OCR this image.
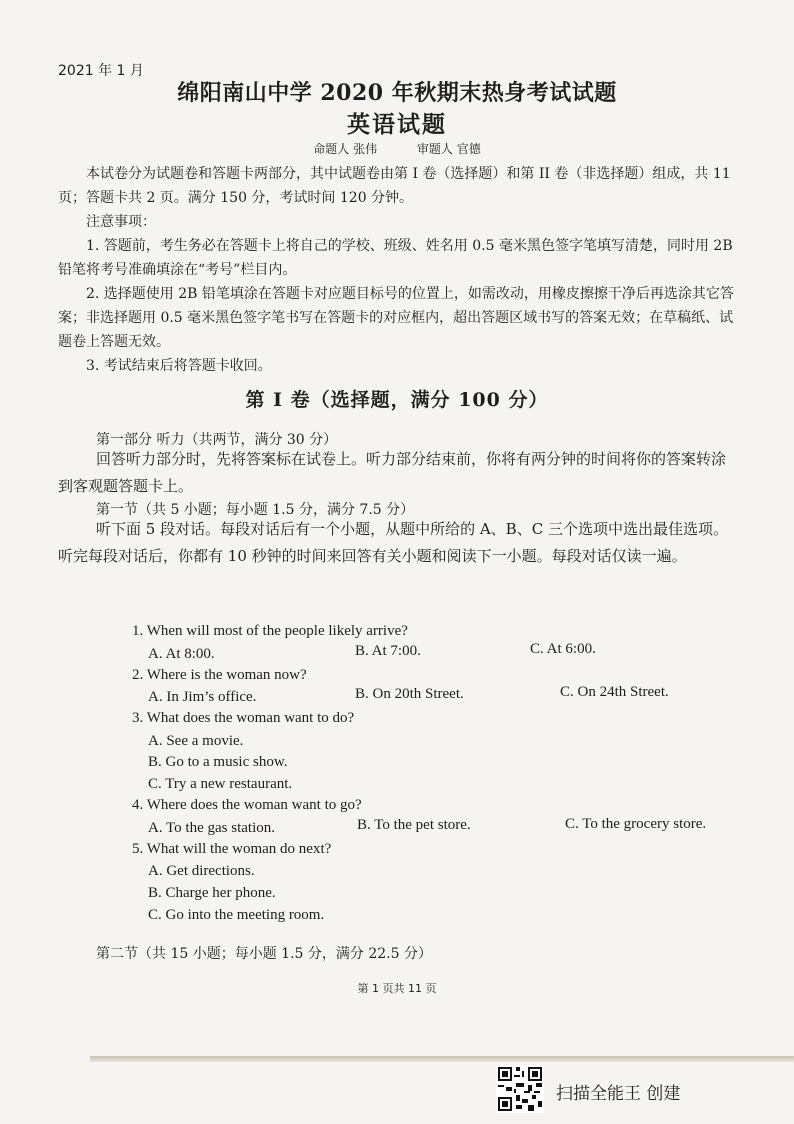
2021 年 1 月
绵阳南山中学 2020 年秋期末热身考试试题
英语试题
命题人 张伟	审题人 官德
本试卷分为试题卷和答题卡两部分，其中试题卷由第 I 卷（选择题）和第 II 卷（非选择题）组成，共 11 页；答题卡共 2 页。满分 150 分，考试时间 120 分钟。
注意事项：
1. 答题前，考生务必在答题卡上将自己的学校、班级、姓名用 0.5 毫米黑色签字笔填写清楚，同时用 2B 铅笔将考号准确填涂在“考号”栏目内。
2. 选择题使用 2B 铅笔填涂在答题卡对应题目标号的位置上，如需改动，用橡皮擦擦干净后再选涂其它答案；非选择题用 0.5 毫米黑色签字笔书写在答题卡的对应框内，超出答题区域书写的答案无效；在草稿纸、试题卷上答题无效。
3. 考试结束后将答题卡收回。
第 I 卷（选择题，满分 100 分）
第一部分 听力（共两节，满分 30 分）
回答听力部分时，先将答案标在试卷上。听力部分结束前，你将有两分钟的时间将你的答案转涂到客观题答题卡上。
第一节（共 5 小题；每小题 1.5 分，满分 7.5 分）
听下面 5 段对话。每段对话后有一个小题，从题中所给的 A、B、C 三个选项中选出最佳选项。听完每段对话后，你都有 10 秒钟的时间来回答有关小题和阅读下一小题。每段对话仅读一遍。
1. When will most of the people likely arrive?
A. At 8:00.	B. At 7:00.	C. At 6:00.
2. Where is the woman now?
A. In Jim’s office.	B. On 20th Street.	C. On 24th Street.
3. What does the woman want to do?
A. See a movie.
B. Go to a music show.
C. Try a new restaurant.
4. Where does the woman want to go?
A. To the gas station.	B. To the pet store.	C. To the grocery store.
5. What will the woman do next?
A. Get directions.
B. Charge her phone.
C. Go into the meeting room.
第二节（共 15 小题；每小题 1.5 分，满分 22.5 分）
第 1 页共 11 页
扫描全能王 创建
